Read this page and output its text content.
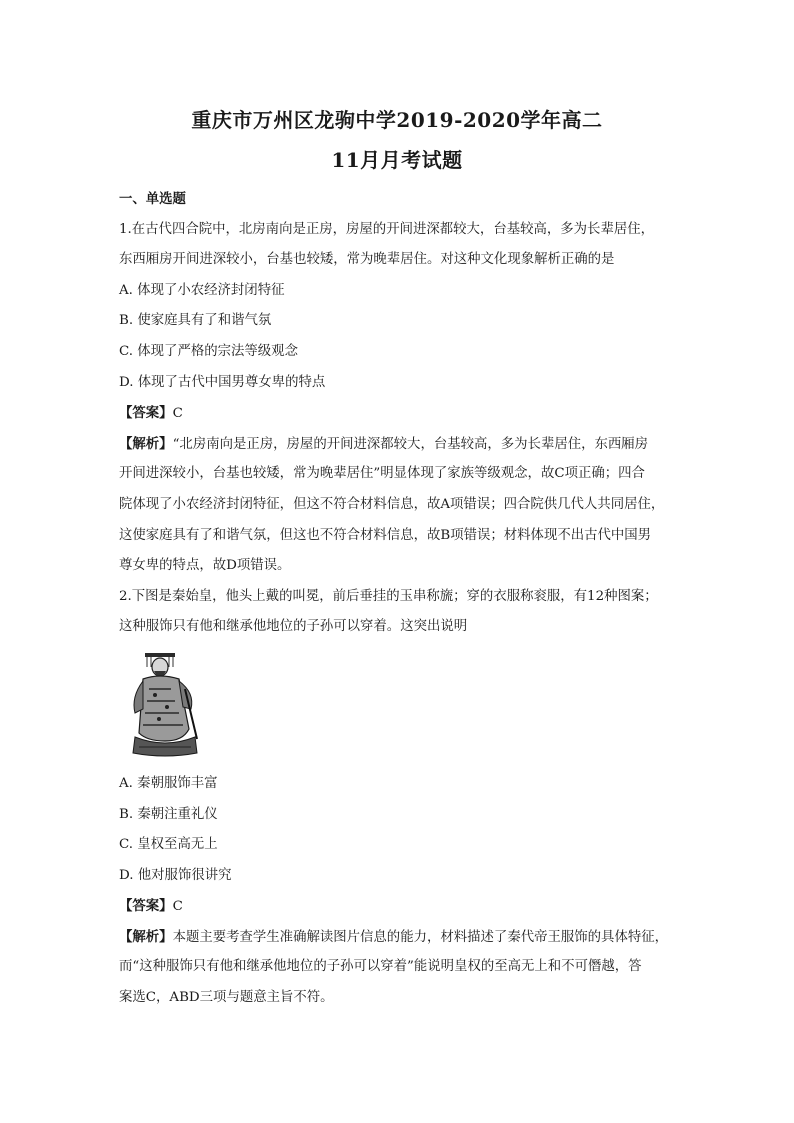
重庆市万州区龙驹中学2019-2020学年高二
11月月考试题
一、单选题
1.在古代四合院中，北房南向是正房，房屋的开间进深都较大，台基较高，多为长辈居住，
东西厢房开间进深较小，台基也较矮，常为晚辈居住。对这种文化现象解析正确的是
A. 体现了小农经济封闭特征
B. 使家庭具有了和谐气氛
C. 体现了严格的宗法等级观念
D. 体现了古代中国男尊女卑的特点
【答案】C
【解析】“北房南向是正房，房屋的开间进深都较大，台基较高，多为长辈居住，东西厢房
开间进深较小，台基也较矮，常为晚辈居住”明显体现了家族等级观念，故C项正确；四合
院体现了小农经济封闭特征，但这不符合材料信息，故A项错误；四合院供几代人共同居住，
这使家庭具有了和谐气氛，但这也不符合材料信息，故B项错误；材料体现不出古代中国男
尊女卑的特点，故D项错误。
2.下图是秦始皇，他头上戴的叫冕，前后垂挂的玉串称旒；穿的衣服称衮服，有12种图案；
这种服饰只有他和继承他地位的子孙可以穿着。这突出说明
A. 秦朝服饰丰富
B. 秦朝注重礼仪
C. 皇权至高无上
D. 他对服饰很讲究
【答案】C
【解析】本题主要考查学生准确解读图片信息的能力，材料描述了秦代帝王服饰的具体特征，
而“这种服饰只有他和继承他地位的子孙可以穿着”能说明皇权的至高无上和不可僭越，答
案选C，ABD三项与题意主旨不符。
